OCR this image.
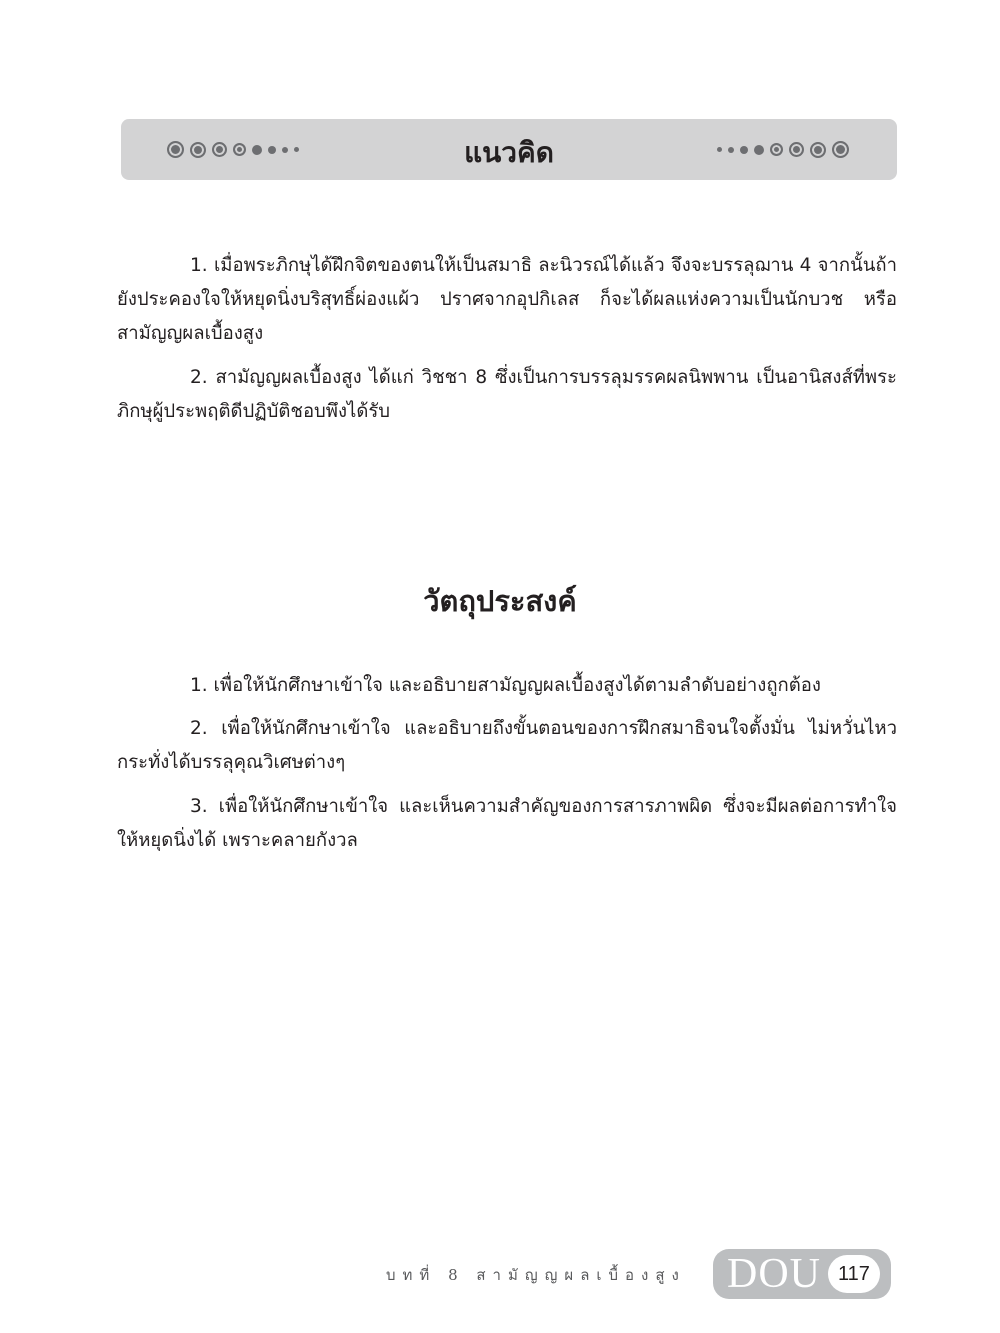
แนวคิด

1. เมื่อพระภิกษุได้ฝึกจิตของตนให้เป็นสมาธิ ละนิวรณ์ได้แล้ว จึงจะบรรลุฌาน 4 จากนั้นถ้ายังประคองใจให้หยุดนิ่งบริสุทธิ์ผ่องแผ้ว ปราศจากอุปกิเลส ก็จะได้ผลแห่งความเป็นนักบวช หรือสามัญญผลเบื้องสูง

2. สามัญญผลเบื้องสูง ได้แก่ วิชชา 8 ซึ่งเป็นการบรรลุมรรคผลนิพพาน เป็นอานิสงส์ที่พระภิกษุผู้ประพฤติดีปฏิบัติชอบพึงได้รับ

วัตถุประสงค์

1. เพื่อให้นักศึกษาเข้าใจ และอธิบายสามัญญผลเบื้องสูงได้ตามลำดับอย่างถูกต้อง

2. เพื่อให้นักศึกษาเข้าใจ และอธิบายถึงขั้นตอนของการฝึกสมาธิจนใจตั้งมั่น ไม่หวั่นไหว กระทั่งได้บรรลุคุณวิเศษต่างๆ

3. เพื่อให้นักศึกษาเข้าใจ และเห็นความสำคัญของการสารภาพผิด ซึ่งจะมีผลต่อการทำใจให้หยุดนิ่งได้ เพราะคลายกังวล

บทที่ 8 สามัญญผลเบื้องสูง DOU 117
